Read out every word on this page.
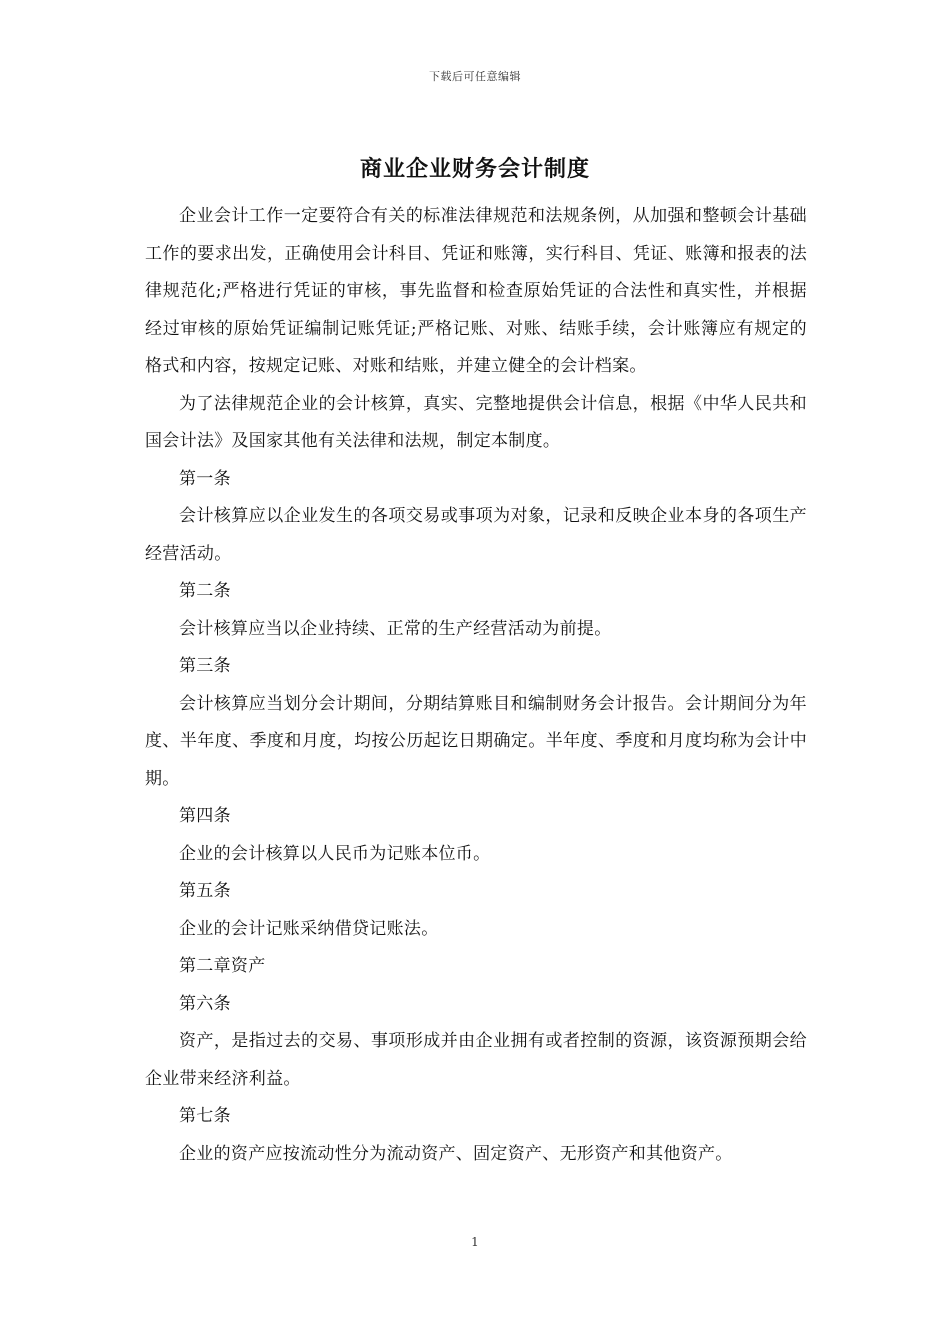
下载后可任意编辑
商业企业财务会计制度

企业会计工作一定要符合有关的标准法律规范和法规条例，从加强和整顿会计基础工作的要求出发，正确使用会计科目、凭证和账簿，实行科目、凭证、账簿和报表的法律规范化;严格进行凭证的审核，事先监督和检查原始凭证的合法性和真实性，并根据经过审核的原始凭证编制记账凭证;严格记账、对账、结账手续，会计账簿应有规定的格式和内容，按规定记账、对账和结账，并建立健全的会计档案。

为了法律规范企业的会计核算，真实、完整地提供会计信息，根据《中华人民共和国会计法》及国家其他有关法律和法规，制定本制度。

第一条

会计核算应以企业发生的各项交易或事项为对象，记录和反映企业本身的各项生产经营活动。

第二条

会计核算应当以企业持续、正常的生产经营活动为前提。

第三条

会计核算应当划分会计期间，分期结算账目和编制财务会计报告。会计期间分为年度、半年度、季度和月度，均按公历起讫日期确定。半年度、季度和月度均称为会计中期。

第四条

企业的会计核算以人民币为记账本位币。

第五条

企业的会计记账采纳借贷记账法。

第二章资产

第六条

资产，是指过去的交易、事项形成并由企业拥有或者控制的资源，该资源预期会给企业带来经济利益。

第七条

企业的资产应按流动性分为流动资产、固定资产、无形资产和其他资产。

1
